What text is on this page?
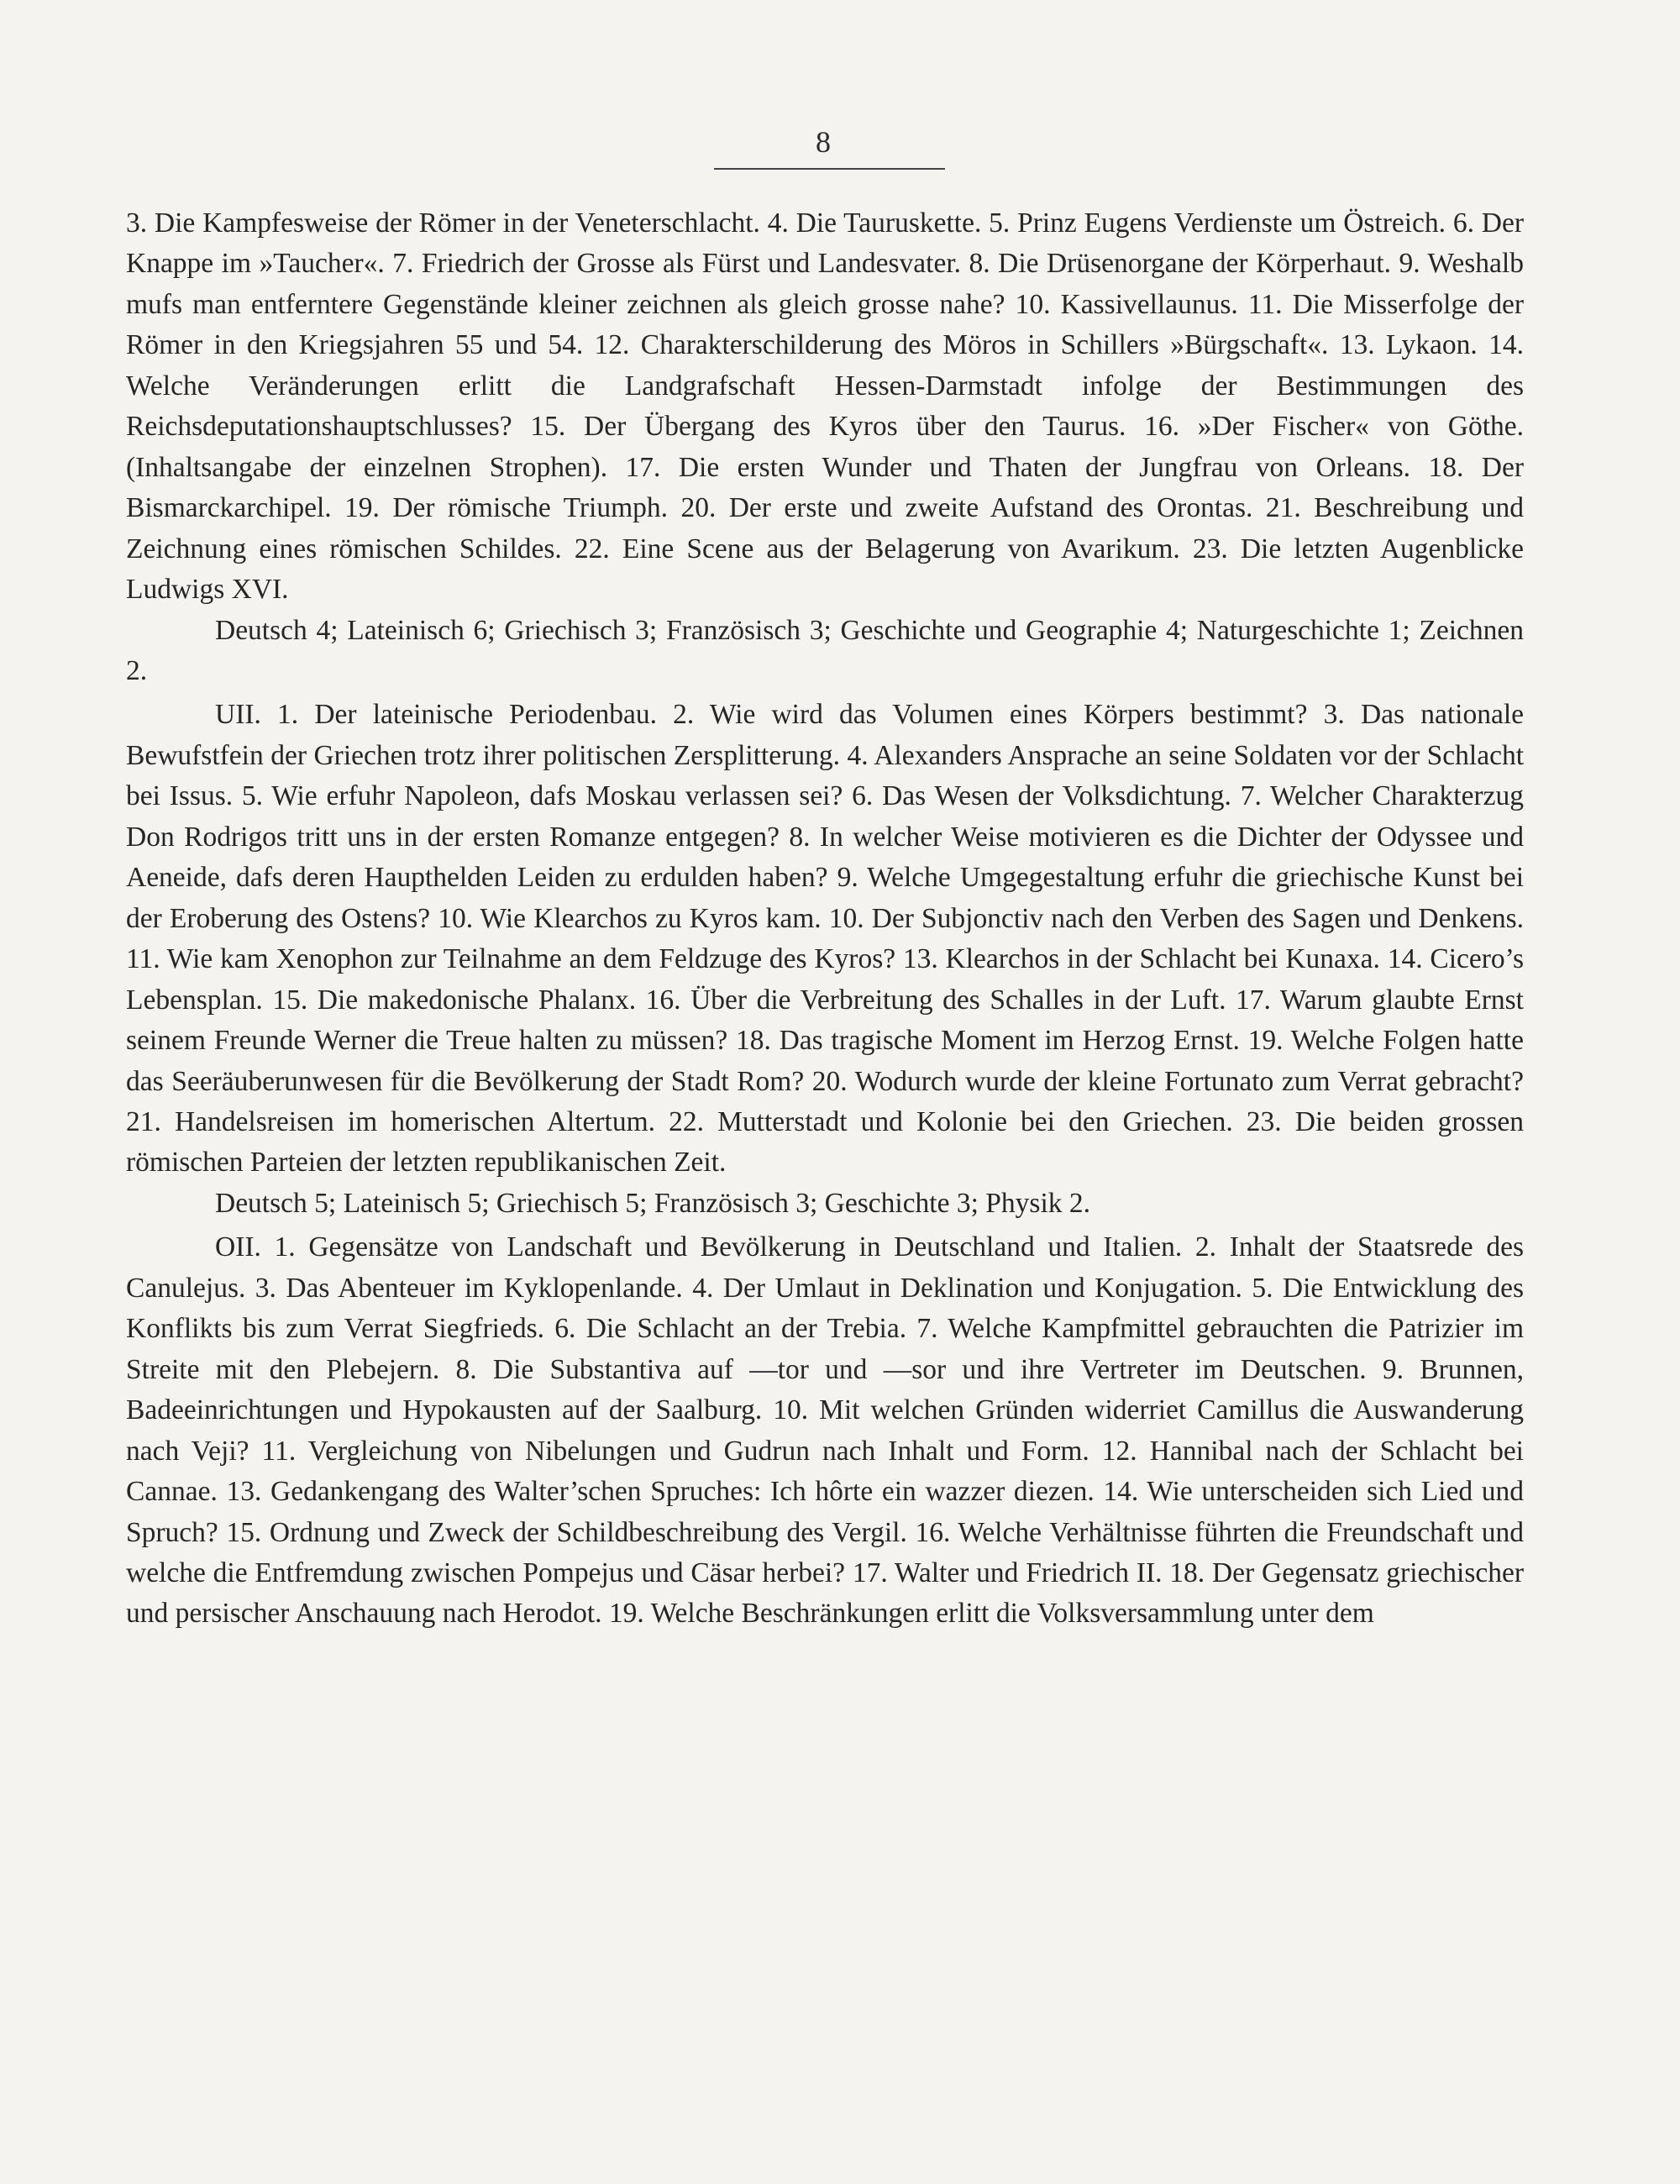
8

3. Die Kampfesweise der Römer in der Veneterschlacht. 4. Die Tauruskette. 5. Prinz Eugens Verdienste um Östreich. 6. Der Knappe im »Taucher«. 7. Friedrich der Grosse als Fürst und Landesvater. 8. Die Drüsenorgane der Körperhaut. 9. Weshalb mufs man entferntere Gegenstände kleiner zeichnen als gleich grosse nahe? 10. Kassivellaunus. 11. Die Misserfolge der Römer in den Kriegsjahren 55 und 54. 12. Charakterschilderung des Möros in Schillers »Bürgschaft«. 13. Lykaon. 14. Welche Veränderungen erlitt die Landgrafschaft Hessen-Darmstadt infolge der Bestimmungen des Reichsdeputationshauptschlusses? 15. Der Übergang des Kyros über den Taurus. 16. »Der Fischer« von Göthe. (Inhaltsangabe der einzelnen Strophen). 17. Die ersten Wunder und Thaten der Jungfrau von Orleans. 18. Der Bismarckarchipel. 19. Der römische Triumph. 20. Der erste und zweite Aufstand des Orontas. 21. Beschreibung und Zeichnung eines römischen Schildes. 22. Eine Scene aus der Belagerung von Avarikum. 23. Die letzten Augenblicke Ludwigs XVI.

Deutsch 4; Lateinisch 6; Griechisch 3; Französisch 3; Geschichte und Geographie 4; Naturgeschichte 1; Zeichnen 2.

UII. 1. Der lateinische Periodenbau. 2. Wie wird das Volumen eines Körpers bestimmt? 3. Das nationale Bewufstfein der Griechen trotz ihrer politischen Zersplitterung. 4. Alexanders Ansprache an seine Soldaten vor der Schlacht bei Issus. 5. Wie erfuhr Napoleon, dafs Moskau verlassen sei? 6. Das Wesen der Volksdichtung. 7. Welcher Charakterzug Don Rodrigos tritt uns in der ersten Romanze entgegen? 8. In welcher Weise motivieren es die Dichter der Odyssee und Aeneide, dafs deren Haupthelden Leiden zu erdulden haben? 9. Welche Umgegestaltung erfuhr die griechische Kunst bei der Eroberung des Ostens? 10. Wie Klearchos zu Kyros kam. 10. Der Subjonctiv nach den Verben des Sagen und Denkens. 11. Wie kam Xenophon zur Teilnahme an dem Feldzuge des Kyros? 13. Klearchos in der Schlacht bei Kunaxa. 14. Cicero’s Lebensplan. 15. Die makedonische Phalanx. 16. Über die Verbreitung des Schalles in der Luft. 17. Warum glaubte Ernst seinem Freunde Werner die Treue halten zu müssen? 18. Das tragische Moment im Herzog Ernst. 19. Welche Folgen hatte das Seeräuberunwesen für die Bevölkerung der Stadt Rom? 20. Wodurch wurde der kleine Fortunato zum Verrat gebracht? 21. Handelsreisen im homerischen Altertum. 22. Mutterstadt und Kolonie bei den Griechen. 23. Die beiden grossen römischen Parteien der letzten republikanischen Zeit.

Deutsch 5; Lateinisch 5; Griechisch 5; Französisch 3; Geschichte 3; Physik 2.

OII. 1. Gegensätze von Landschaft und Bevölkerung in Deutschland und Italien. 2. Inhalt der Staatsrede des Canulejus. 3. Das Abenteuer im Kyklopenlande. 4. Der Umlaut in Deklination und Konjugation. 5. Die Entwicklung des Konflikts bis zum Verrat Siegfrieds. 6. Die Schlacht an der Trebia. 7. Welche Kampfmittel gebrauchten die Patrizier im Streite mit den Plebejern. 8. Die Substantiva auf —tor und —sor und ihre Vertreter im Deutschen. 9. Brunnen, Badeeinrichtungen und Hypokausten auf der Saalburg. 10. Mit welchen Gründen widerriet Camillus die Auswanderung nach Veji? 11. Vergleichung von Nibelungen und Gudrun nach Inhalt und Form. 12. Hannibal nach der Schlacht bei Cannae. 13. Gedankengang des Walter’schen Spruches: Ich hôrte ein wazzer diezen. 14. Wie unterscheiden sich Lied und Spruch? 15. Ordnung und Zweck der Schildbeschreibung des Vergil. 16. Welche Verhältnisse führten die Freundschaft und welche die Entfremdung zwischen Pompejus und Cäsar herbei? 17. Walter und Friedrich II. 18. Der Gegensatz griechischer und persischer Anschauung nach Herodot. 19. Welche Beschränkungen erlitt die Volksversammlung unter dem
